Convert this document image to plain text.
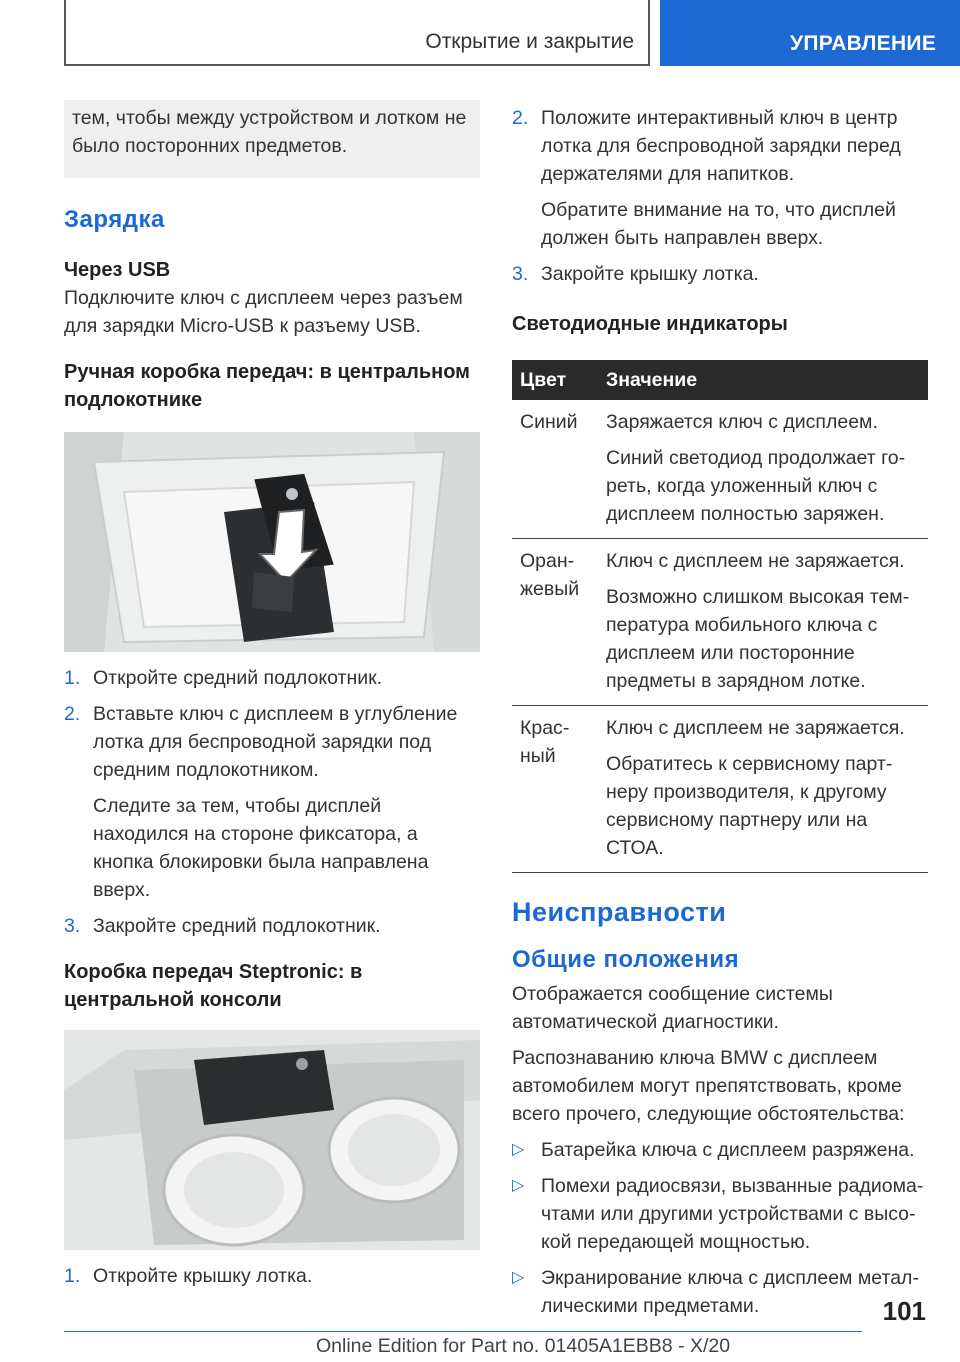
Открытие и закрытие	УПРАВЛЕНИЕ
тем, чтобы между устройством и лотком не было посторонних предметов.
Зарядка
Через USB
Подключите ключ с дисплеем через разъем для зарядки Micro-USB к разъему USB.
Ручная коробка передач: в центральном подлокотнике
1. Откройте средний подлокотник.
2. Вставьте ключ с дисплеем в углубление лотка для беспроводной зарядки под средним подлокотником.
Следите за тем, чтобы дисплей находился на стороне фиксатора, а кнопка блокировки была направлена вверх.
3. Закройте средний подлокотник.
Коробка передач Steptronic: в центральной консоли
1. Откройте крышку лотка.
2. Положите интерактивный ключ в центр лотка для беспроводной зарядки перед держателями для напитков.
Обратите внимание на то, что дисплей должен быть направлен вверх.
3. Закройте крышку лотка.
Светодиодные индикаторы
Цвет	Значение
Синий	Заряжается ключ с дисплеем.
Синий светодиод продолжает гореть, когда уложенный ключ с дисплеем полностью заряжен.

Оранжевый	Ключ с дисплеем не заряжается.
Возможно слишком высокая температура мобильного ключа с дисплеем или посторонние предметы в зарядном лотке.

Красный	Ключ с дисплеем не заряжается.
Обратитесь к сервисному партнеру производителя, к другому сервисному партнеру или на СТОА.
Неисправности
Общие положения
Отображается сообщение системы автоматической диагностики.
Распознаванию ключа BMW с дисплеем автомобилем могут препятствовать, кроме всего прочего, следующие обстоятельства:
▷ Батарейка ключа с дисплеем разряжена.
▷ Помехи радиосвязи, вызванные радиомачтами или другими устройствами с высокой передающей мощностью.
▷ Экранирование ключа с дисплеем металлическими предметами.	101
Online Edition for Part no. 01405A1EBB8 - X/20
